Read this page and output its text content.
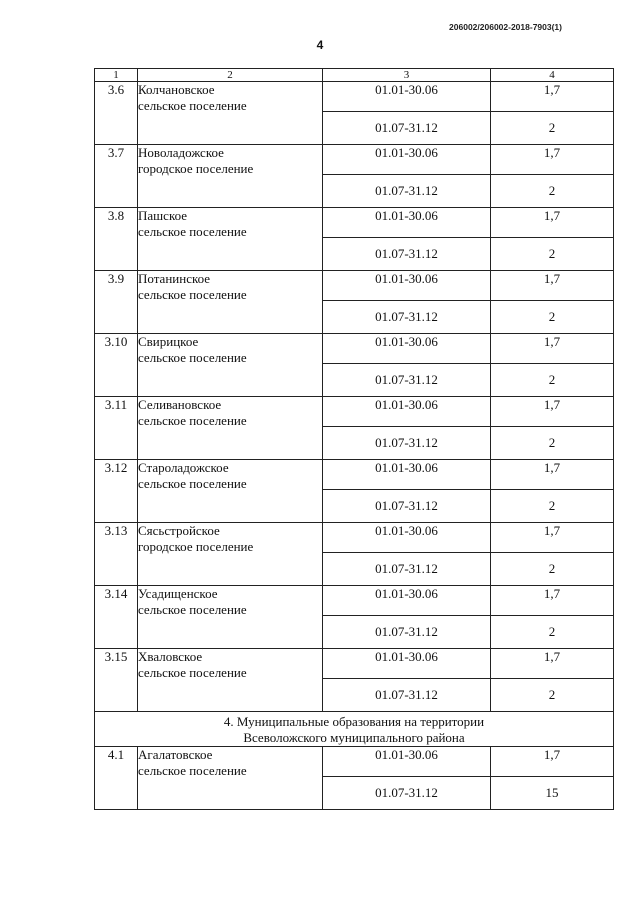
206002/206002-2018-7903(1)
4
1	2	3	4
3.6	Колчановское
сельское поселение	01.01-30.06	1,7
		01.07-31.12	2
3.7	Новоладожское
городское поселение	01.01-30.06	1,7
		01.07-31.12	2
3.8	Пашское
сельское поселение	01.01-30.06	1,7
		01.07-31.12	2
3.9	Потанинское
сельское поселение	01.01-30.06	1,7
		01.07-31.12	2
3.10	Свирицкое
сельское поселение	01.01-30.06	1,7
		01.07-31.12	2
3.11	Селивановское
сельское поселение	01.01-30.06	1,7
		01.07-31.12	2
3.12	Староладожское
сельское поселение	01.01-30.06	1,7
		01.07-31.12	2
3.13	Сясьстройское
городское поселение	01.01-30.06	1,7
		01.07-31.12	2
3.14	Усадищенское
сельское поселение	01.01-30.06	1,7
		01.07-31.12	2
3.15	Хваловское
сельское поселение	01.01-30.06	1,7
		01.07-31.12	2

4. Муниципальные образования на территории
Всеволожского муниципального района			

4.1	Агалатовское
сельское поселение	01.01-30.06	1,7
		01.07-31.12	15
